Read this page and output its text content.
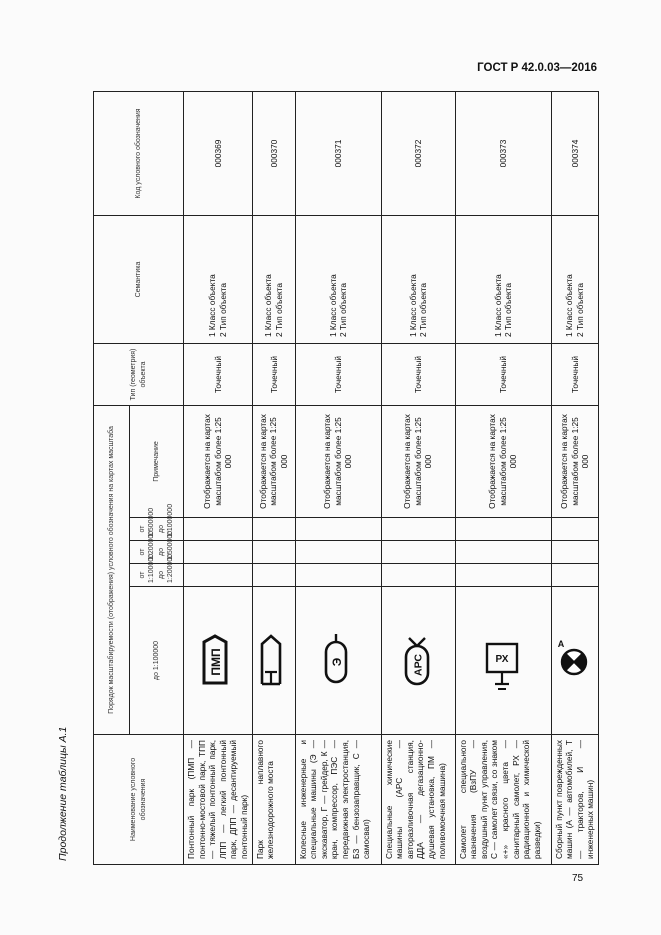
ГОСТ Р 42.0.03—2016
Продолжение таблицы А.1	Наименование условного обозначения	Порядок масштабируемости (отображения) условного обозначения на картах масштаба					Тип (геометрия) объекта	Семантика	Код условного обозначения
	до 1:100000	от 1:100000 до 1:200000	от 1:200000 до 1:500000	от 1:500000 до 1:1000000	Примечание			
Понтонный парк (ПМП — понтонно-мостовой парк, ТПП — тяжелый понтонный парк, ЛПП — легкий понтонный парк, ДПП — десантируемый понтонный парк)	ПМП				Отображается на картах масштабом более 1:25 000	Точечный	1 Класс объекта 2 Тип объекта	000369
Парк наплавного железнодорожного моста					Отображается на картах масштабом более 1:25 000	Точечный	1 Класс объекта 2 Тип объекта	000370
Колесные инженерные и специальные машины (Э — экскаватор, Г — грейдер, К — кран, компрессор, ПЭС — передвижная электростанция, БЗ — бензозаправщик, С — самосвал)	Э				Отображается на картах масштабом более 1:25 000	Точечный	1 Класс объекта 2 Тип объекта	000371
Специальные химические машины (АРС — авторазливочная станция, ДДА — дегазационно-душевая установка, ПМ — поливомоечная машина)	АРС				Отображается на картах масштабом более 1:25 000	Точечный	1 Класс объекта 2 Тип объекта	000372
Самолет специального назначения (ВзПУ — воздушный пункт управления, С — самолет связи, со знаком «+» красного цвета — санитарный самолет, РХ — радиационной и химической разведки)	РХ				Отображается на картах масштабом более 1:25 000	Точечный	1 Класс объекта 2 Тип объекта	000373
Сборный пункт поврежденных машин (А — автомобилей, Т — тракторов, И — инженерных машин)	А				Отображается на картах масштабом более 1:25 000	Точечный	1 Класс объекта 2 Тип объекта	000374
75
